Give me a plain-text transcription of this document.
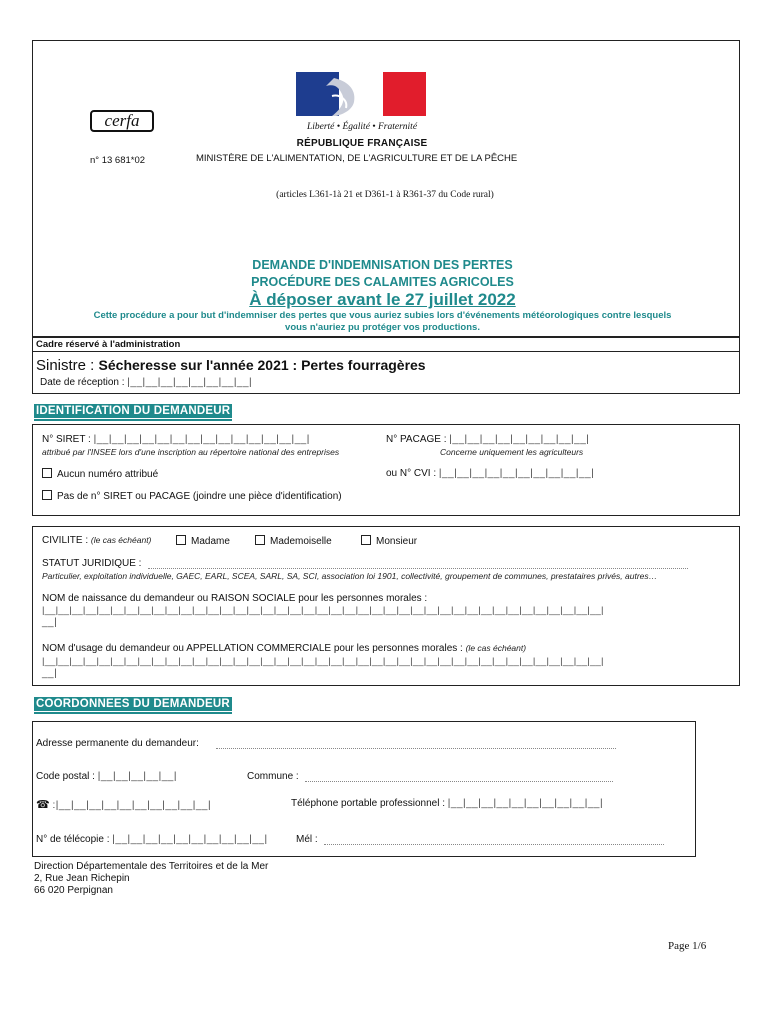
Liberté • Égalité • Fraternité
RÉPUBLIQUE FRANÇAISE
cerfa
n° 13 681*02	MINISTÈRE DE L'ALIMENTATION, DE L'AGRICULTURE ET DE LA PÊCHE
(articles L361-1à 21 et D361-1 à R361-37 du Code rural)
DEMANDE D'INDEMNISATION DES PERTES
PROCÉDURE DES CALAMITES AGRICOLES
À déposer avant le 27 juillet 2022
Cette procédure a pour but d'indemniser des pertes que vous auriez subies lors d'événements météorologiques contre lesquels
vous n'auriez pu protéger vos productions.
Cadre réservé à l'administration
Sinistre : Sécheresse sur l'année 2021 : Pertes fourragères
Date de réception : |__|__|__|__|__|__|__|__|
IDENTIFICATION DU DEMANDEUR
N° SIRET : |__|__|__|__|__|__|__|__|__|__|__|__|__|__|
attribué par l'INSEE lors d'une inscription au répertoire national des entreprises
N° PACAGE : |__|__|__|__|__|__|__|__|__|
Concerne uniquement les agriculteurs
Aucun numéro attribué	ou N° CVI : |__|__|__|__|__|__|__|__|__|__|
Pas de n° SIRET ou PACAGE (joindre une pièce d'identification)
CIVILITE : (le cas échéant)	Madame	Mademoiselle	Monsieur
STATUT JURIDIQUE :
Particulier, exploitation individuelle, GAEC, EARL, SCEA, SARL, SA, SCI, association loi 1901, collectivité, groupement de communes, prestataires privés, autres…
NOM de naissance du demandeur ou RAISON SOCIALE pour les personnes morales :
|__|__|__|__|__|__|__|__|__|__|__|__|__|__|__|__|__|__|__|__|__|__|__|__|__|__|__|__|__|__|__|__|__|__|__|__|__|__|__|__|__|
__|
NOM d'usage du demandeur ou APPELLATION COMMERCIALE pour les personnes morales : (le cas échéant)
|__|__|__|__|__|__|__|__|__|__|__|__|__|__|__|__|__|__|__|__|__|__|__|__|__|__|__|__|__|__|__|__|__|__|__|__|__|__|__|__|__|
__|
COORDONNEES DU DEMANDEUR
Adresse permanente du demandeur:
Code postal : |__|__|__|__|__|	Commune :
☎ :|__|__|__|__|__|__|__|__|__|__|	Téléphone portable professionnel : |__|__|__|__|__|__|__|__|__|__|
N° de télécopie : |__|__|__|__|__|__|__|__|__|__|	Mél :
Direction Départementale des Territoires et de la Mer
2, Rue Jean Richepin
66 020 Perpignan
Page 1/6
